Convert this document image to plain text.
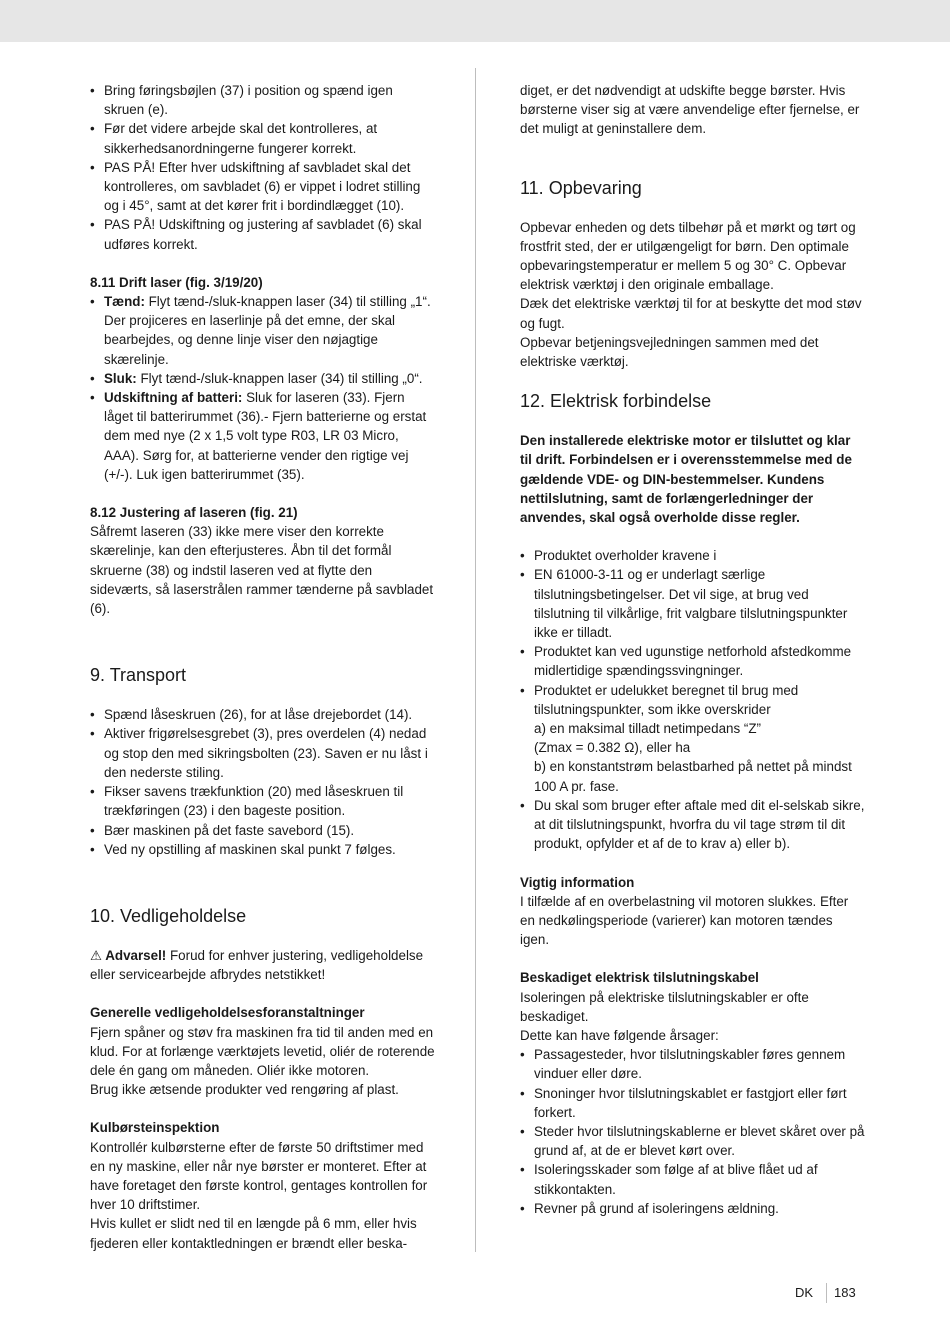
• Bring føringsbøjlen (37) i position og spænd igen skruen (e).

• Før det videre arbejde skal det kontrolleres, at sikkerhedsanordningerne fungerer korrekt.

• PAS PÅ! Efter hver udskiftning af savbladet skal det kontrolleres, om savbladet (6) er vippet i lodret stilling og i 45°, samt at det kører frit i bordindlægget (10).

• PAS PÅ! Udskiftning og justering af savbladet (6) skal udføres korrekt.

8.11 Drift laser (fig. 3/19/20)

• Tænd: Flyt tænd-/sluk-knappen laser (34) til stilling „1“. Der projiceres en laserlinje på det emne, der skal bearbejdes, og denne linje viser den nøjagtige skærelinje.

• Sluk: Flyt tænd-/sluk-knappen laser (34) til stilling „0“.

• Udskiftning af batteri: Sluk for laseren (33). Fjern låget til batterirummet (36).- Fjern batterierne og erstat dem med nye (2 x 1,5 volt type R03, LR 03 Micro, AAA). Sørg for, at batterierne vender den rigtige vej (+/-). Luk igen batterirummet (35).

8.12 Justering af laseren (fig. 21)

Såfremt laseren (33) ikke mere viser den korrekte skærelinje, kan den efterjusteres. Åbn til det formål skruerne (38) og indstil laseren ved at flytte den sideværts, så laserstrålen rammer tænderne på savbladet (6).

9. Transport

• Spænd låseskruen (26), for at låse drejebordet (14).

• Aktiver frigørelsesgrebet (3), pres overdelen (4) nedad og stop den med sikringsbolten (23). Saven er nu låst i den nederste stiling.

• Fikser savens trækfunktion (20) med låseskruen til trækføringen (23) i den bageste position.

• Bær maskinen på det faste savebord (15).

• Ved ny opstilling af maskinen skal punkt 7 følges.

10. Vedligeholdelse

⚠ Advarsel! Forud for enhver justering, vedligeholdelse eller servicearbejde afbrydes netstikket!

Generelle vedligeholdelsesforanstaltninger

Fjern spåner og støv fra maskinen fra tid til anden med en klud. For at forlænge værktøjets levetid, oliér de roterende dele én gang om måneden. Oliér ikke motoren.

Brug ikke ætsende produkter ved rengøring af plast.

Kulbørsteinspektion

Kontrollér kulbørsterne efter de første 50 driftstimer med en ny maskine, eller når nye børster er monteret. Efter at have foretaget den første kontrol, gentages kontrollen for hver 10 driftstimer.

Hvis kullet er slidt ned til en længde på 6 mm, eller hvis fjederen eller kontaktledningen er brændt eller beska-

diget, er det nødvendigt at udskifte begge børster. Hvis børsterne viser sig at være anvendelige efter fjernelse, er det muligt at geninstallere dem.

11. Opbevaring

Opbevar enheden og dets tilbehør på et mørkt og tørt og frostfrit sted, der er utilgængeligt for børn. Den optimale opbevaringstemperatur er mellem 5 og 30° C. Opbevar elektrisk værktøj i den originale emballage.

Dæk det elektriske værktøj til for at beskytte det mod støv og fugt.

Opbevar betjeningsvejledningen sammen med det elektriske værktøj.

12. Elektrisk forbindelse

Den installerede elektriske motor er tilsluttet og klar til drift. Forbindelsen er i overensstemmelse med de gældende VDE- og DIN-bestemmelser. Kundens nettilslutning, samt de forlængerledninger der anvendes, skal også overholde disse regler.

• Produktet overholder kravene i

• EN 61000-3-11 og er underlagt særlige tilslutningsbetingelser. Det vil sige, at brug ved tilslutning til vilkårlige, frit valgbare tilslutningspunkter ikke er tilladt.

• Produktet kan ved ugunstige netforhold afstedkomme midlertidige spændingssvingninger.

• Produktet er udelukket beregnet til brug med tilslutningspunkter, som ikke overskrider
a) en maksimal tilladt netimpedans “Z”
(Zmax = 0.382 Ω), eller ha
b) en konstantstrøm belastbarhed på nettet på mindst 100 A pr. fase.

• Du skal som bruger efter aftale med dit el-selskab sikre, at dit tilslutningspunkt, hvorfra du vil tage strøm til dit produkt, opfylder et af de to krav a) eller b).

Vigtig information

I tilfælde af en overbelastning vil motoren slukkes. Efter en nedkølingsperiode (varierer) kan motoren tændes igen.

Beskadiget elektrisk tilslutningskabel

Isoleringen på elektriske tilslutningskabler er ofte beskadiget.

Dette kan have følgende årsager:

• Passagesteder, hvor tilslutningskabler føres gennem vinduer eller døre.

• Snoninger hvor tilslutningskablet er fastgjort eller ført forkert.

• Steder hvor tilslutningskablerne er blevet skåret over på grund af, at de er blevet kørt over.

• Isoleringsskader som følge af at blive flået ud af stikkontakten.

• Revner på grund af isoleringens ældning.

DK 183
